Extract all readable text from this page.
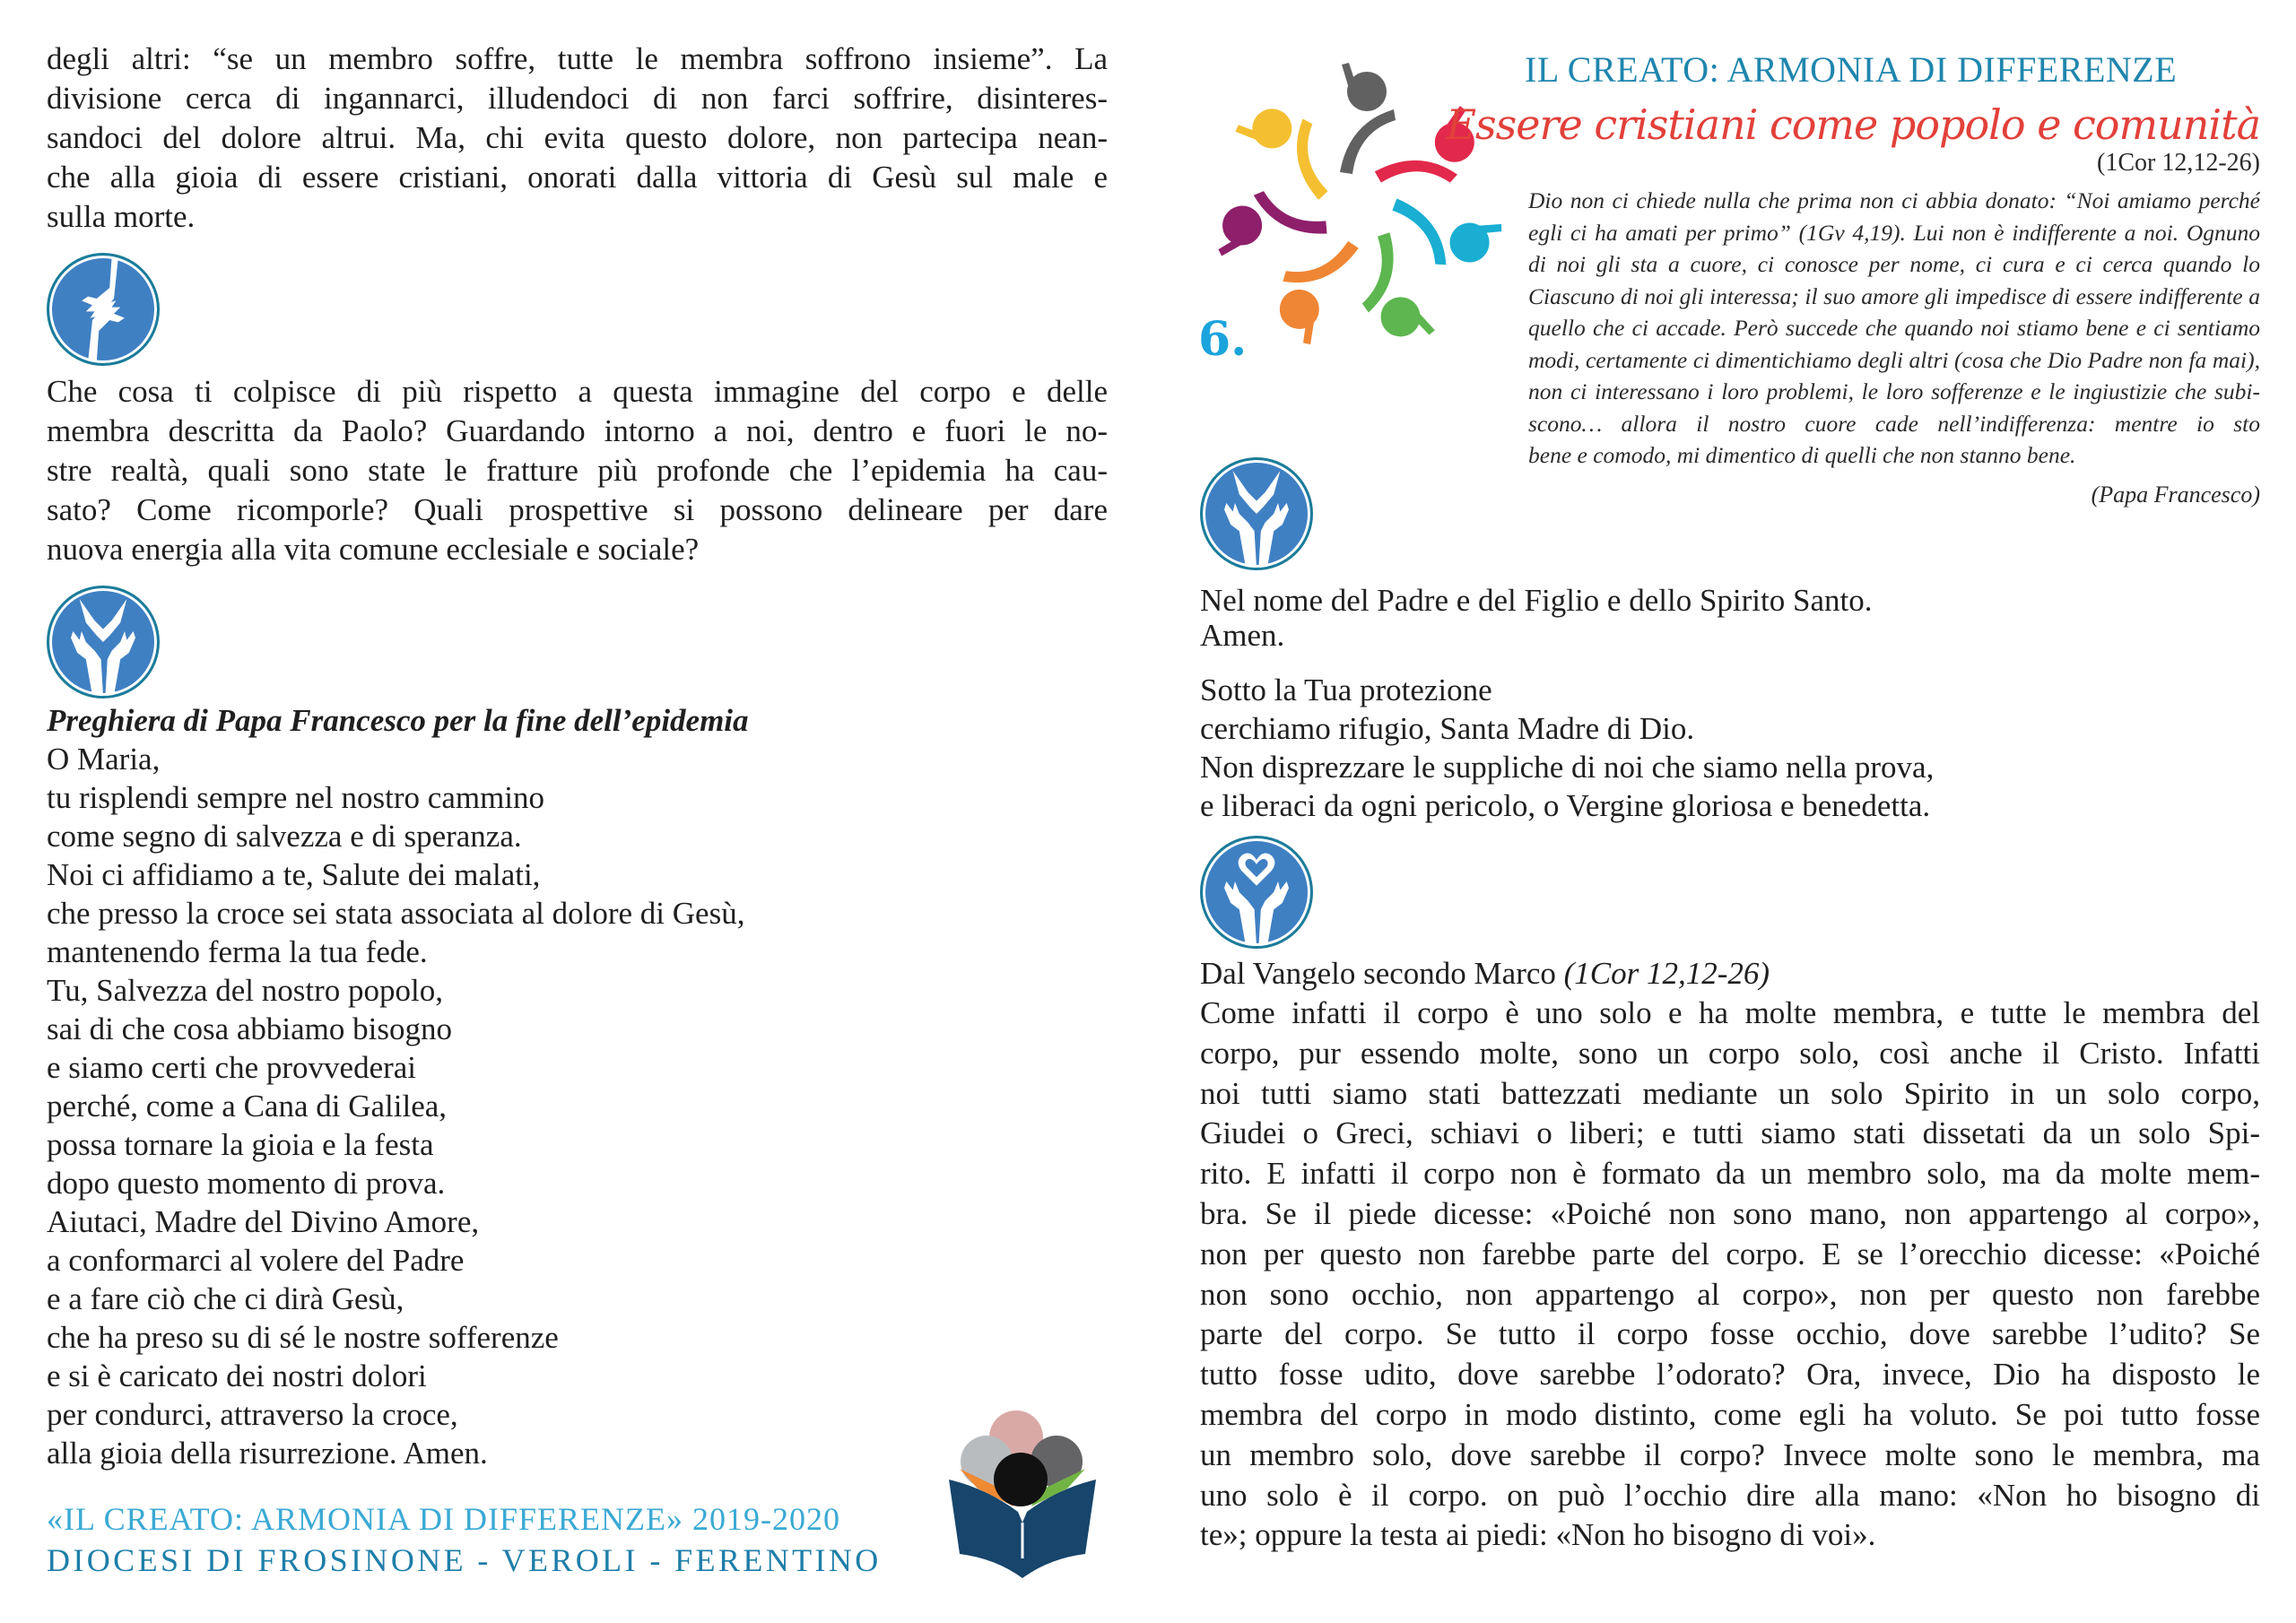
degli altri: “se un membro soffre, tutte le membra soffrono insieme”. La
divisione cerca di ingannarci, illudendoci di non farci soffrire, disinteres-
sandoci del dolore altrui. Ma, chi evita questo dolore, non partecipa nean-
che alla gioia di essere cristiani, onorati dalla vittoria di Gesù sul male e
sulla morte.
Che cosa ti colpisce di più rispetto a questa immagine del corpo e delle
membra descritta da Paolo? Guardando intorno a noi, dentro e fuori le no-
stre realtà, quali sono state le fratture più profonde che l’epidemia ha cau-
sato? Come ricomporle? Quali prospettive si possono delineare per dare
nuova energia alla vita comune ecclesiale e sociale?
Preghiera di Papa Francesco per la fine dell’epidemia
O Maria,
tu risplendi sempre nel nostro cammino
come segno di salvezza e di speranza.
Noi ci affidiamo a te, Salute dei malati,
che presso la croce sei stata associata al dolore di Gesù,
mantenendo ferma la tua fede.
Tu, Salvezza del nostro popolo,
sai di che cosa abbiamo bisogno
e siamo certi che provvederai
perché, come a Cana di Galilea,
possa tornare la gioia e la festa
dopo questo momento di prova.
Aiutaci, Madre del Divino Amore,
a conformarci al volere del Padre
e a fare ciò che ci dirà Gesù,
che ha preso su di sé le nostre sofferenze
e si è caricato dei nostri dolori
per condurci, attraverso la croce,
alla gioia della risurrezione. Amen.
«IL CREATO: ARMONIA DI DIFFERENZE» 2019-2020
DIOCESI DI FROSINONE - VEROLI - FERENTINO
6.
IL CREATO: ARMONIA DI DIFFERENZE
Essere cristiani come popolo e comunità
(1Cor 12,12-26)
Dio non ci chiede nulla che prima non ci abbia donato: “Noi amiamo perché
egli ci ha amati per primo” (1Gv 4,19). Lui non è indifferente a noi. Ognuno
di noi gli sta a cuore, ci conosce per nome, ci cura e ci cerca quando lo
Ciascuno di noi gli interessa; il suo amore gli impedisce di essere indifferente a
quello che ci accade. Però succede che quando noi stiamo bene e ci sentiamo
modi, certamente ci dimentichiamo degli altri (cosa che Dio Padre non fa mai),
non ci interessano i loro problemi, le loro sofferenze e le ingiustizie che subi-
scono… allora il nostro cuore cade nell’indifferenza: mentre io sto
bene e comodo, mi dimentico di quelli che non stanno bene.
(Papa Francesco)
Nel nome del Padre e del Figlio e dello Spirito Santo.
Amen.
Sotto la Tua protezione
cerchiamo rifugio, Santa Madre di Dio.
Non disprezzare le suppliche di noi che siamo nella prova,
e liberaci da ogni pericolo, o Vergine gloriosa e benedetta.
Dal Vangelo secondo Marco (1Cor 12,12-26)
Come infatti il corpo è uno solo e ha molte membra, e tutte le membra del
corpo, pur essendo molte, sono un corpo solo, così anche il Cristo. Infatti
noi tutti siamo stati battezzati mediante un solo Spirito in un solo corpo,
Giudei o Greci, schiavi o liberi; e tutti siamo stati dissetati da un solo Spi-
rito. E infatti il corpo non è formato da un membro solo, ma da molte mem-
bra. Se il piede dicesse: «Poiché non sono mano, non appartengo al corpo»,
non per questo non farebbe parte del corpo. E se l’orecchio dicesse: «Poiché
non sono occhio, non appartengo al corpo», non per questo non farebbe
parte del corpo. Se tutto il corpo fosse occhio, dove sarebbe l’udito? Se
tutto fosse udito, dove sarebbe l’odorato? Ora, invece, Dio ha disposto le
membra del corpo in modo distinto, come egli ha voluto. Se poi tutto fosse
un membro solo, dove sarebbe il corpo? Invece molte sono le membra, ma
uno solo è il corpo. on può l’occhio dire alla mano: «Non ho bisogno di
te»; oppure la testa ai piedi: «Non ho bisogno di voi».
